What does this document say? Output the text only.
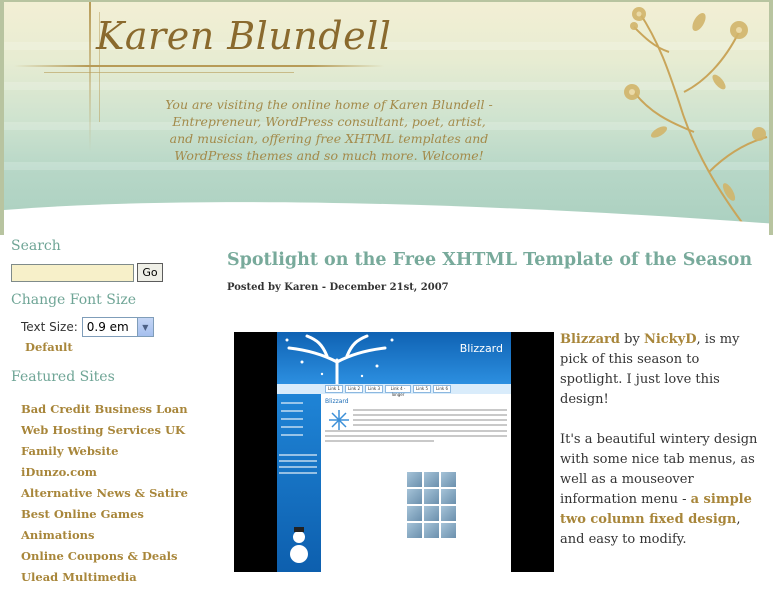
Karen Blundell
You are visiting the online home of Karen Blundell - Entrepreneur, WordPress consultant, poet, artist, and musician, offering free XHTML templates and WordPress themes and so much more. Welcome!
Search
Go
Change Font Size
Text Size: 0.9 em	▼
Default
Featured Sites
Bad Credit Business Loan
Web Hosting Services UK
Family Website
iDunzo.com
Alternative News & Satire
Best Online Games
Animations
Online Coupons & Deals
Ulead Multimedia
Spotlight on the Free XHTML Template of the Season
Posted by Karen - December 21st, 2007
Blizzard
Link 1	Link 2	Link 3	Link 4 - longer
Link 5	Link 6
Blizzard

Blizzard by NickyD, is my pick of this season to spotlight. I just love this design!

It's a beautiful wintery design with some nice tab menus, as well as a mouseover information menu - a simple two column fixed design, and easy to modify.
